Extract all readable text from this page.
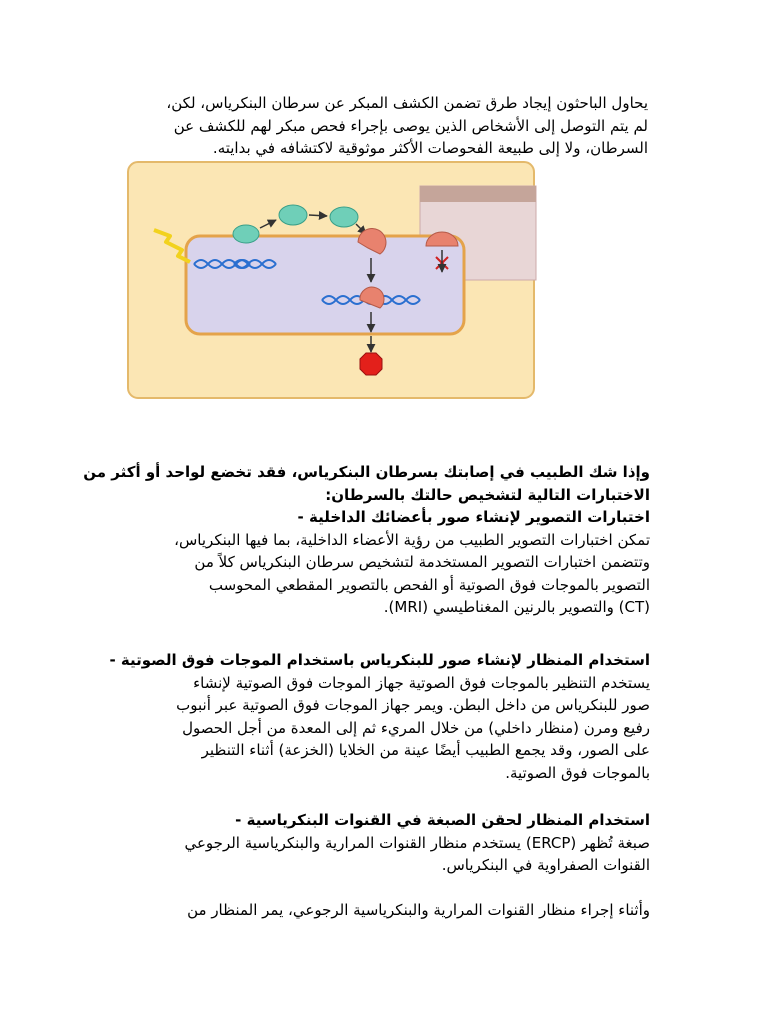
يحاول الباحثون إيجاد طرق تضمن الكشف المبكر عن سرطان البنكرياس، لكن،

لم يتم التوصل إلى الأشخاص الذين يوصى بإجراء فحص مبكر لهم للكشف عن

السرطان، ولا إلى طبيعة الفحوصات الأكثر موثوقية لاكتشافه في بدايته.

وإذا شك الطبيب في إصابتك بسرطان البنكرياس، فقد تخضع لواحد أو أكثر من

الاختبارات التالية لتشخيص حالتك بالسرطان:

اختبارات التصوير لإنشاء صور بأعضائك الداخلية -

تمكن اختبارات التصوير الطبيب من رؤية الأعضاء الداخلية، بما فيها البنكرياس،

وتتضمن اختبارات التصوير المستخدمة لتشخيص سرطان البنكرياس كلاً من

التصوير بالموجات فوق الصوتية أو الفحص بالتصوير المقطعي المحوسب

(CT) والتصوير بالرنين المغناطيسي (MRI).

استخدام المنظار لإنشاء صور للبنكرياس باستخدام الموجات فوق الصوتية -

يستخدم التنظير بالموجات فوق الصوتية جهاز الموجات فوق الصوتية لإنشاء

صور للبنكرياس من داخل البطن. ويمر جهاز الموجات فوق الصوتية عبر أنبوب

رفيع ومرن (منظار داخلي) من خلال المريء ثم إلى المعدة من أجل الحصول

على الصور، وقد يجمع الطبيب أيضًا عينة من الخلايا (الخزعة) أثناء التنظير

بالموجات فوق الصوتية.

استخدام المنظار لحقن الصبغة في القنوات البنكرياسية -

صبغة تُظهر (ERCP) يستخدم منظار القنوات المرارية والبنكرياسية الرجوعي

القنوات الصفراوية في البنكرياس.

وأثناء إجراء منظار القنوات المرارية والبنكرياسية الرجوعي، يمر المنظار من
